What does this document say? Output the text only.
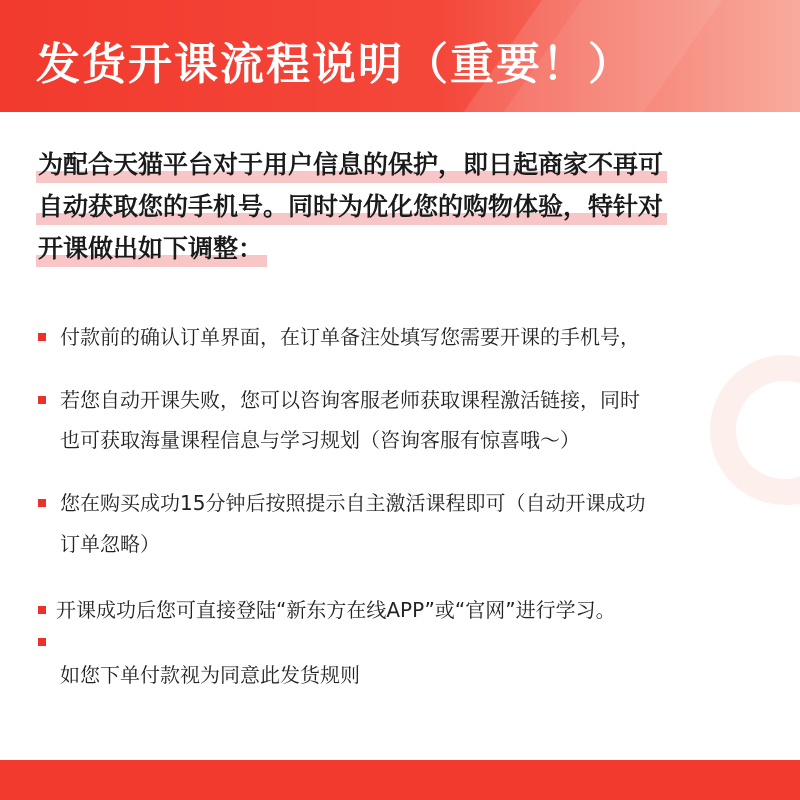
发货开课流程说明（重要！）
为配合天猫平台对于用户信息的保护，即日起商家不再可
自动获取您的手机号。同时为优化您的购物体验，特针对
开课做出如下调整：
付款前的确认订单界面，在订单备注处填写您需要开课的手机号，
若您自动开课失败，您可以咨询客服老师获取课程激活链接，同时
也可获取海量课程信息与学习规划（咨询客服有惊喜哦～）
您在购买成功15分钟后按照提示自主激活课程即可（自动开课成功
订单忽略）
开课成功后您可直接登陆“新东方在线APP”或“官网”进行学习。
如您下单付款视为同意此发货规则
